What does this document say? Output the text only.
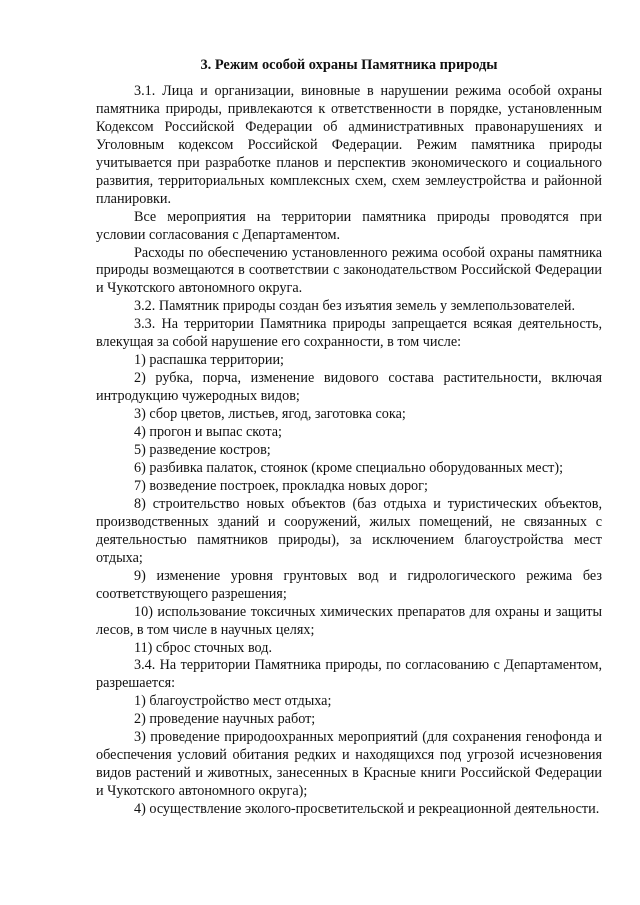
3. Режим особой охраны Памятника природы

3.1. Лица и организации, виновные в нарушении режима особой охраны памятника природы, привлекаются к ответственности в порядке, установленным Кодексом Российской Федерации об административных правонарушениях и Уголовным кодексом Российской Федерации. Режим памятника природы учитывается при разработке планов и перспектив экономического и социального развития, территориальных комплексных схем, схем землеустройства и районной планировки.

Все мероприятия на территории памятника природы проводятся при условии согласования с Департаментом.

Расходы по обеспечению установленного режима особой охраны памятника природы возмещаются в соответствии с законодательством Российской Федерации и Чукотского автономного округа.

3.2. Памятник природы создан без изъятия земель у землепользователей.

3.3. На территории Памятника природы запрещается всякая деятельность, влекущая за собой нарушение его сохранности, в том числе:

1) распашка территории;

2) рубка, порча, изменение видового состава растительности, включая интродукцию чужеродных видов;

3) сбор цветов, листьев, ягод, заготовка сока;

4) прогон и выпас скота;

5) разведение костров;

6) разбивка палаток, стоянок (кроме специально оборудованных мест);

7) возведение построек, прокладка новых дорог;

8) строительство новых объектов (баз отдыха и туристических объектов, производственных зданий и сооружений, жилых помещений, не связанных с деятельностью памятников природы), за исключением благоустройства мест отдыха;

9) изменение уровня грунтовых вод и гидрологического режима без соответствующего разрешения;

10) использование токсичных химических препаратов для охраны и защиты лесов, в том числе в научных целях;

11) сброс сточных вод.

3.4. На территории Памятника природы, по согласованию с Департаментом, разрешается:

1) благоустройство мест отдыха;

2) проведение научных работ;

3) проведение природоохранных мероприятий (для сохранения генофонда и обеспечения условий обитания редких и находящихся под угрозой исчезновения видов растений и животных, занесенных в Красные книги Российской Федерации и Чукотского автономного округа);

4) осуществление эколого-просветительской и рекреационной деятельности.
